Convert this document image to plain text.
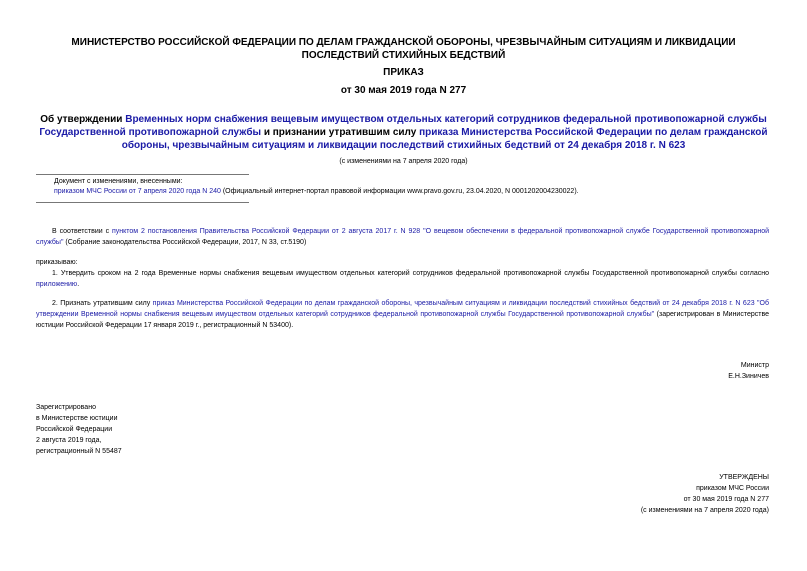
МИНИСТЕРСТВО РОССИЙСКОЙ ФЕДЕРАЦИИ ПО ДЕЛАМ ГРАЖДАНСКОЙ ОБОРОНЫ, ЧРЕЗВЫЧАЙНЫМ СИТУАЦИЯМ И ЛИКВИДАЦИИ ПОСЛЕДСТВИЙ СТИХИЙНЫХ БЕДСТВИЙ
ПРИКАЗ
от 30 мая 2019 года N 277
Об утверждении Временных норм снабжения вещевым имуществом отдельных категорий сотрудников федеральной противопожарной службы Государственной противопожарной службы и признании утратившим силу приказа Министерства Российской Федерации по делам гражданской обороны, чрезвычайным ситуациям и ликвидации последствий стихийных бедствий от 24 декабря 2018 г. N 623
(с изменениями на 7 апреля 2020 года)
Документ с изменениями, внесенными:
приказом МЧС России от 7 апреля 2020 года N 240 (Официальный интернет-портал правовой информации www.pravo.gov.ru, 23.04.2020, N 0001202004230022).
В соответствии с пунктом 2 постановления Правительства Российской Федерации от 2 августа 2017 г. N 928 "О вещевом обеспечении в федеральной противопожарной службе Государственной противопожарной службы" (Собрание законодательства Российской Федерации, 2017, N 33, ст.5190)
приказываю:
1. Утвердить сроком на 2 года Временные нормы снабжения вещевым имуществом отдельных категорий сотрудников федеральной противопожарной службы Государственной противопожарной службы согласно приложению.
2. Признать утратившим силу приказ Министерства Российской Федерации по делам гражданской обороны, чрезвычайным ситуациям и ликвидации последствий стихийных бедствий от 24 декабря 2018 г. N 623 "Об утверждении Временной нормы снабжения вещевым имуществом отдельных категорий сотрудников федеральной противопожарной службы Государственной противопожарной службы" (зарегистрирован в Министерстве юстиции Российской Федерации 17 января 2019 г., регистрационный N 53400).
Министр
Е.Н.Зиничев
Зарегистрировано
в Министерстве юстиции
Российской Федерации
2 августа 2019 года,
регистрационный N 55487
УТВЕРЖДЕНЫ
приказом МЧС России
от 30 мая 2019 года N 277
(с изменениями на 7 апреля 2020 года)
